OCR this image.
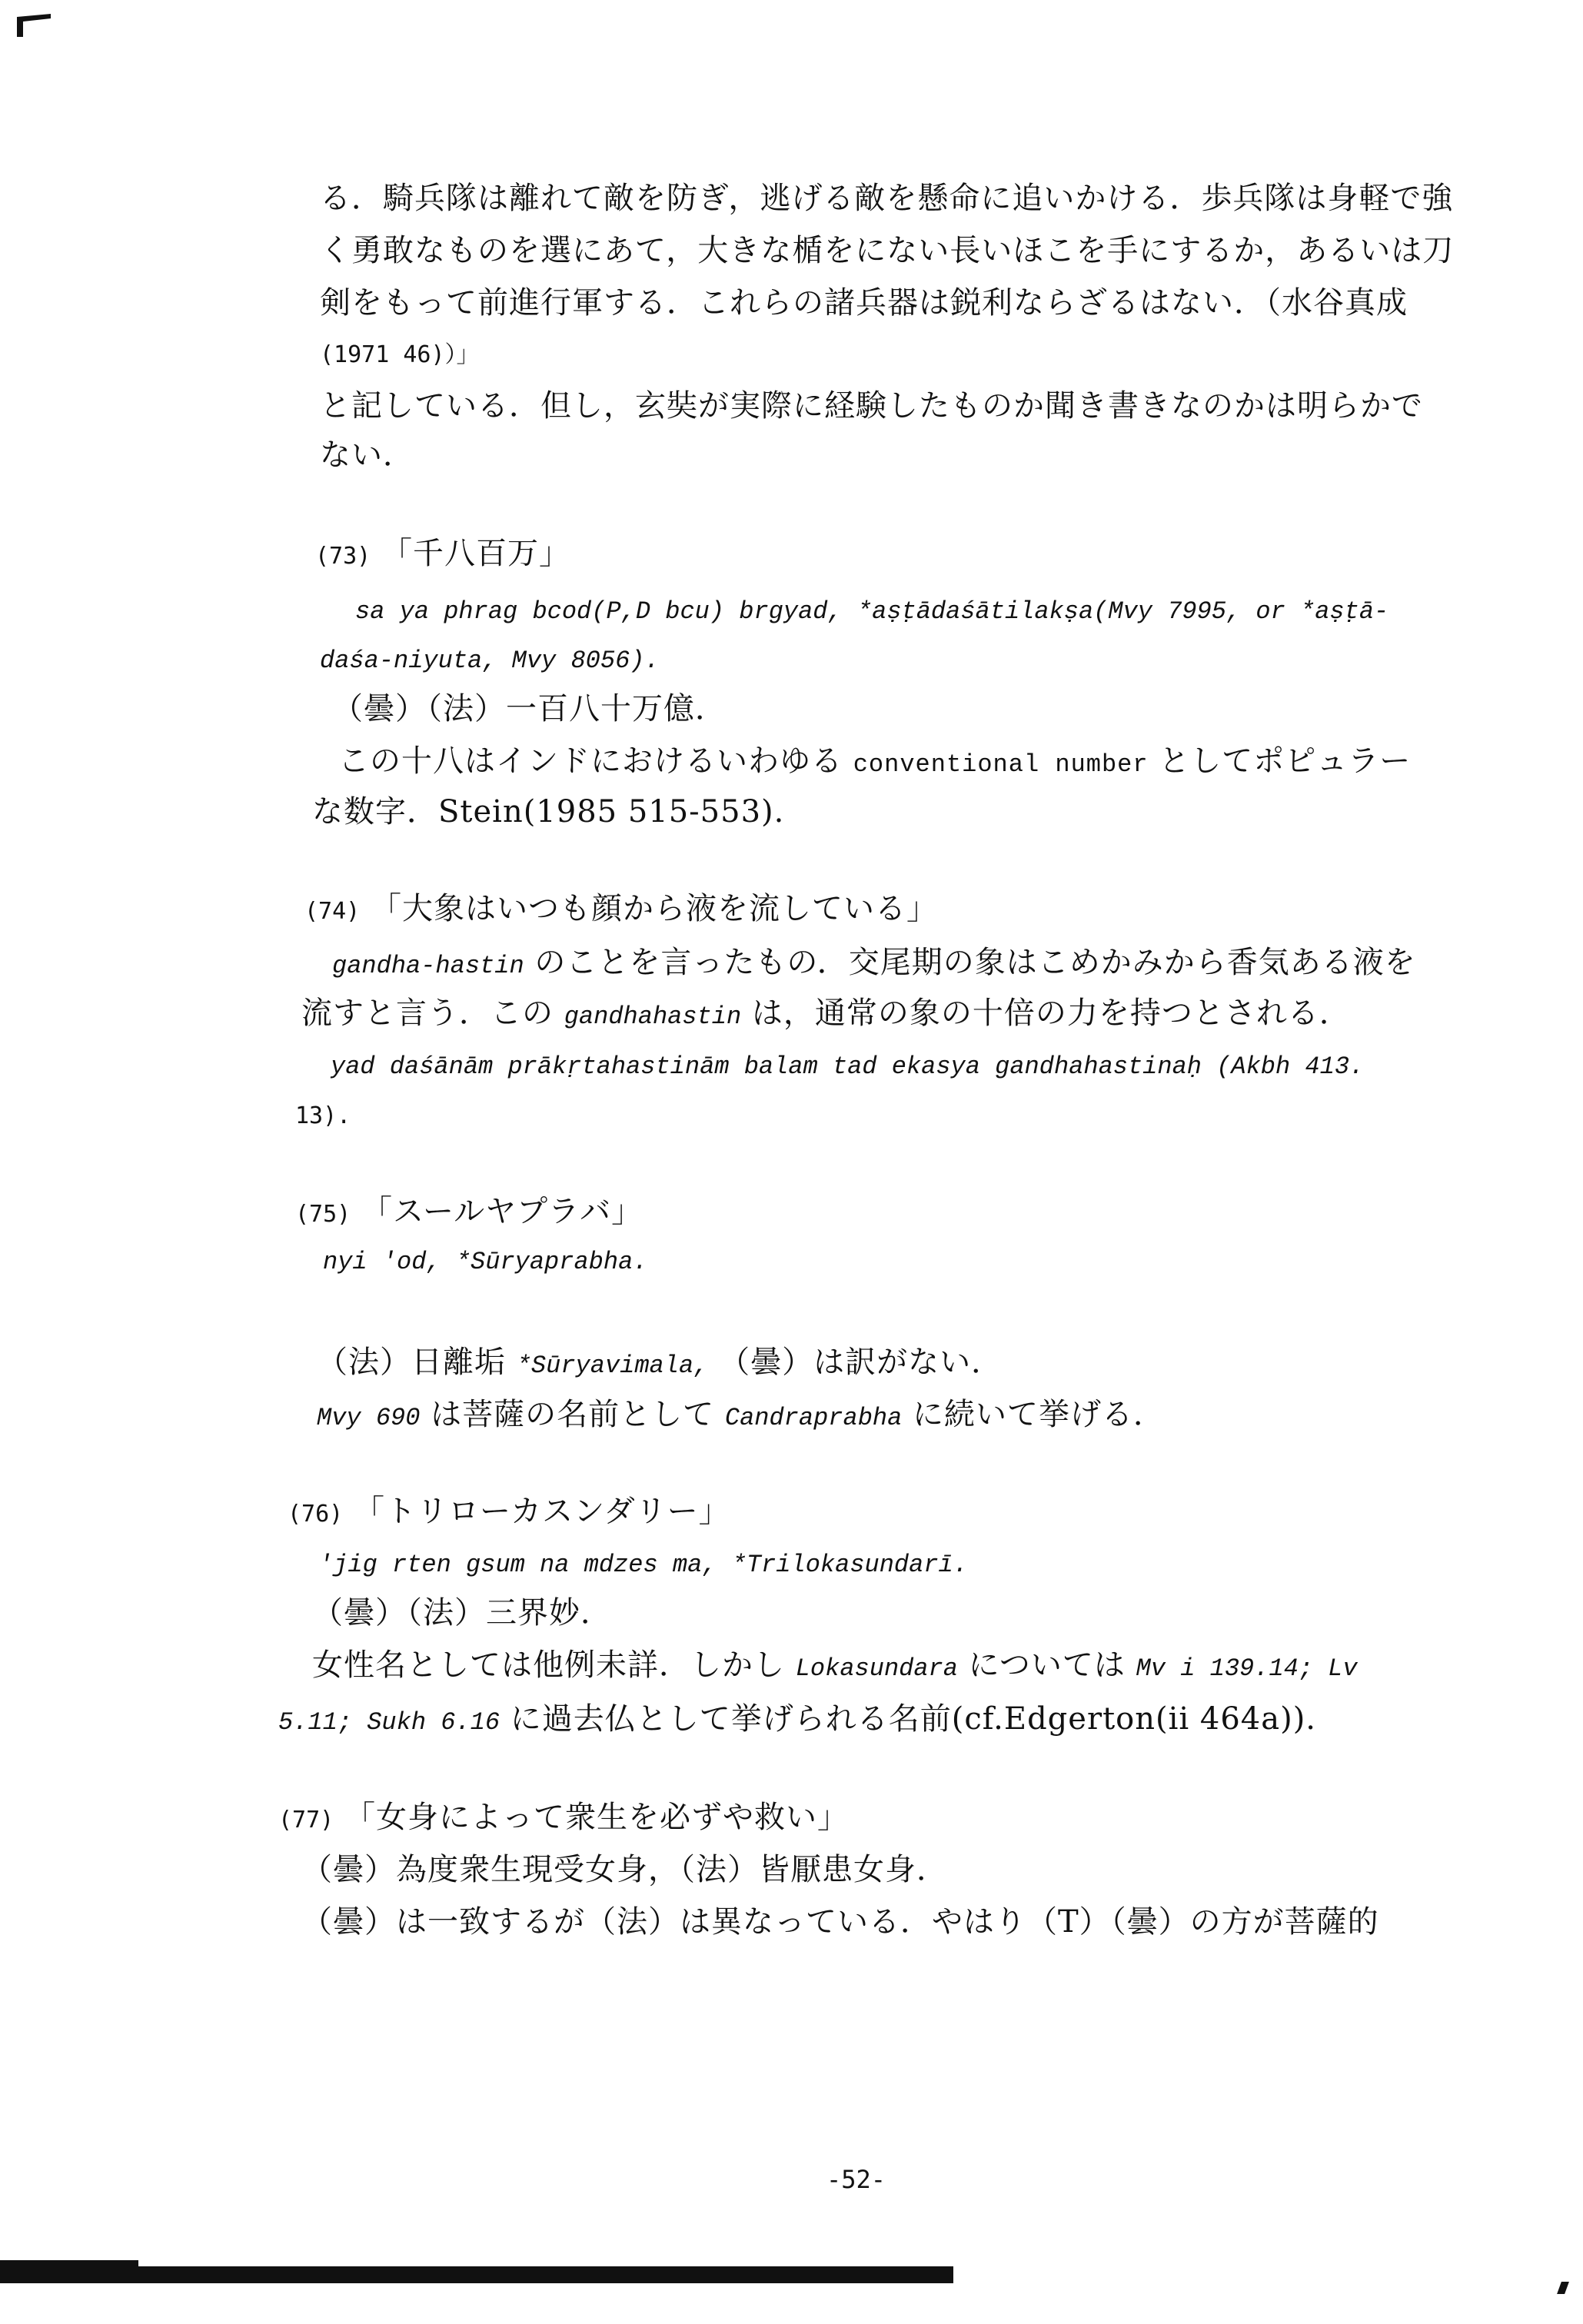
る．騎兵隊は離れて敵を防ぎ，逃げる敵を懸命に追いかける．歩兵隊は身軽で強
く勇敢なものを選にあて，大きな楯をにない長いほこを手にするか，あるいは刀
剣をもって前進行軍する．これらの諸兵器は鋭利ならざるはない．（水谷真成
(1971 46)）」
と記している．但し，玄奘が実際に経験したものか聞き書きなのかは明らかで
ない．
(73) 「千八百万」
sa ya phrag bcod(P,D bcu) brgyad, *aṣṭādaśātilakṣa(Mvy 7995, or *aṣṭā-
daśa-niyuta, Mvy 8056).
（曇）（法）一百八十万億．
この十八はインドにおけるいわゆる conventional number としてポピュラー
な数字．Stein(1985 515-553).
(74) 「大象はいつも顔から液を流している」
gandha-hastin のことを言ったもの．交尾期の象はこめかみから香気ある液を
流すと言う．この gandhahastin は，通常の象の十倍の力を持つとされる．
yad daśānām prākṛtahastinām balam tad ekasya gandhahastinaḥ (Akbh 413.
13).
(75) 「スールヤプラバ」
nyi 'od, *Sūryaprabha.
（法）日離垢 *Sūryavimala, （曇）は訳がない．
Mvy 690 は菩薩の名前として Candraprabha に続いて挙げる．
(76) 「トリローカスンダリー」
'jig rten gsum na mdzes ma, *Trilokasundarī.
（曇）（法）三界妙．
女性名としては他例未詳．しかし Lokasundara については Mv i 139.14; Lv
5.11; Sukh 6.16 に過去仏として挙げられる名前(cf.Edgerton(ii 464a)).
(77) 「女身によって衆生を必ずや救い」
（曇）為度衆生現受女身，（法）皆厭患女身．
（曇）は一致するが（法）は異なっている．やはり（T）（曇）の方が菩薩的
-52-
